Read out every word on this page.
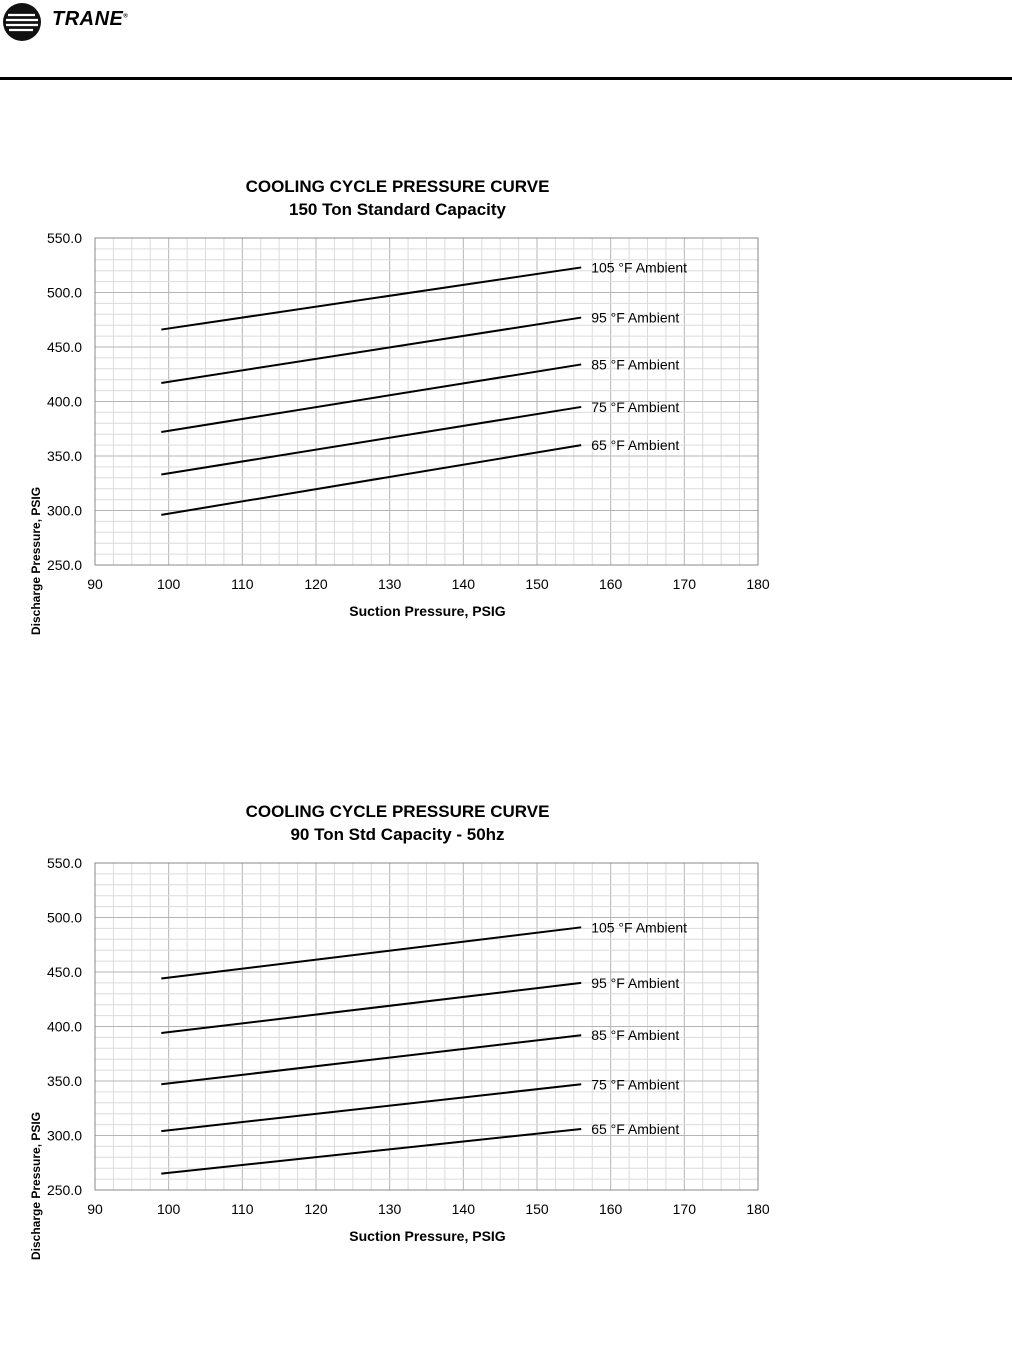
TRANE®
COOLING CYCLE PRESSURE CURVE
150 Ton Standard Capacity
90	100	110	120	130	140	150	160	170	180
250.0
300.0
350.0
400.0
450.0
500.0
550.0
105 °F Ambient
95 °F Ambient
85 °F Ambient
75 °F Ambient
65 °F Ambient
Suction Pressure, PSIG
Discharge Pressure, PSIG
COOLING CYCLE PRESSURE CURVE
90 Ton Std Capacity - 50hz
90	100	110	120	130	140	150	160	170	180
250.0
300.0
350.0
400.0
450.0
500.0
550.0
105 °F Ambient
95 °F Ambient
85 °F Ambient
75 °F Ambient
65 °F Ambient
Suction Pressure, PSIG
Discharge Pressure, PSIG
